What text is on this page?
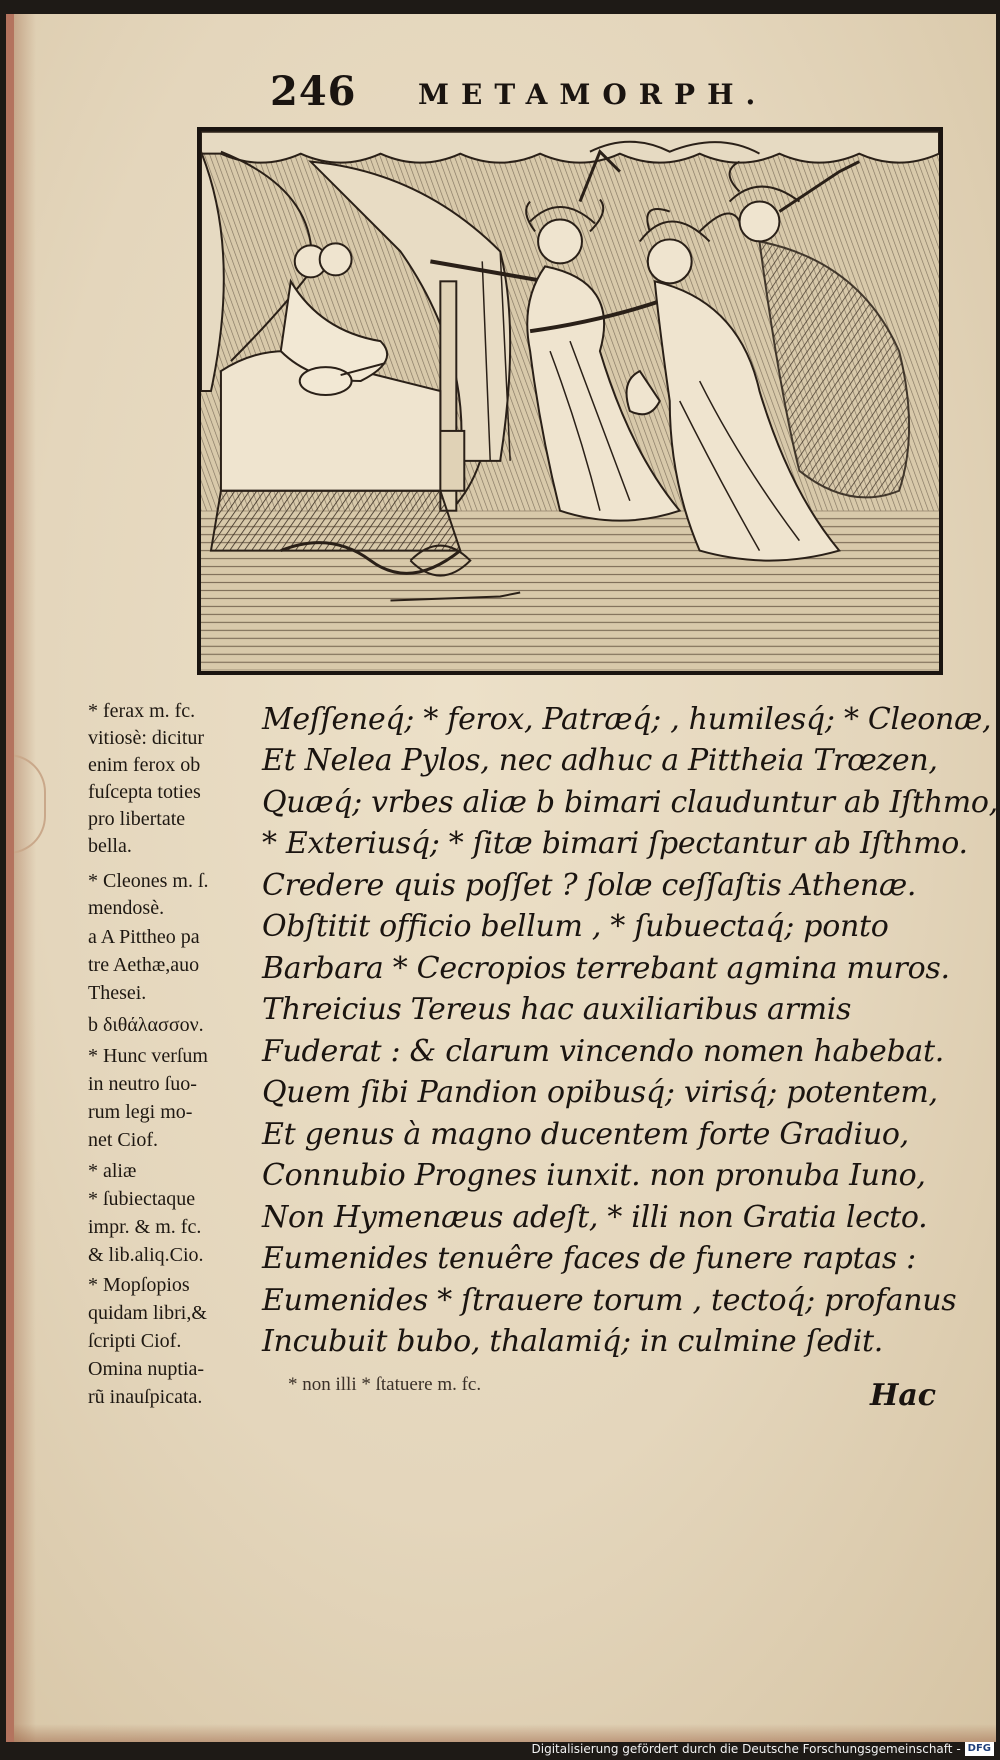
246 METAMORPH.
* ferax m. fc.
vitiosè: dicitur
enim ferox ob
fuſcepta toties
pro libertate
bella.
* Cleones m. ſ.
mendosè.
a A Pittheo pa
tre Aethæ,auo
Thesei.
b διθάλασσον.
* Hunc verſum
in neutro ſuo-
rum legi mo-
net Ciof.
* aliæ
* ſubiectaque
impr. & m. fc.
& lib.aliq.Cio.
* Mopſopios
quidam libri,&
ſcripti Ciof.
Omina nuptia-
rũ inauſpicata.
Meſſeneq́; * ferox, Patræq́; , humilesq́; * Cleonæ,
Et Nelea Pylos, nec adhuc a Pittheia Trœzen,
Quæq́; vrbes aliæ b bimari clauduntur ab Iſthmo,
* Exteriusq́; * ſitæ bimari ſpectantur ab Iſthmo.
Credere quis poſſet ? ſolæ ceſſaſtis Athenæ.
Obſtitit officio bellum , * ſubuectaq́; ponto
Barbara * Cecropios terrebant agmina muros.
Threicius Tereus hac auxiliaribus armis
Fuderat : & clarum vincendo nomen habebat.
Quem ſibi Pandion opibusq́; virisq́; potentem,
Et genus à magno ducentem forte Gradiuo,
Connubio Prognes iunxit. non pronuba Iuno,
Non Hymenæus adeſt, * illi non Gratia lecto.
Eumenides tenuêre faces de funere raptas :
Eumenides * ſtrauere torum , tectoq́; profanus
Incubuit bubo, thalamiq́; in culmine ſedit.
* non illi * ſtatuere m. fc.	Hac
Digitalisierung gefördert durch die Deutsche Forschungsgemeinschaft - DFG
